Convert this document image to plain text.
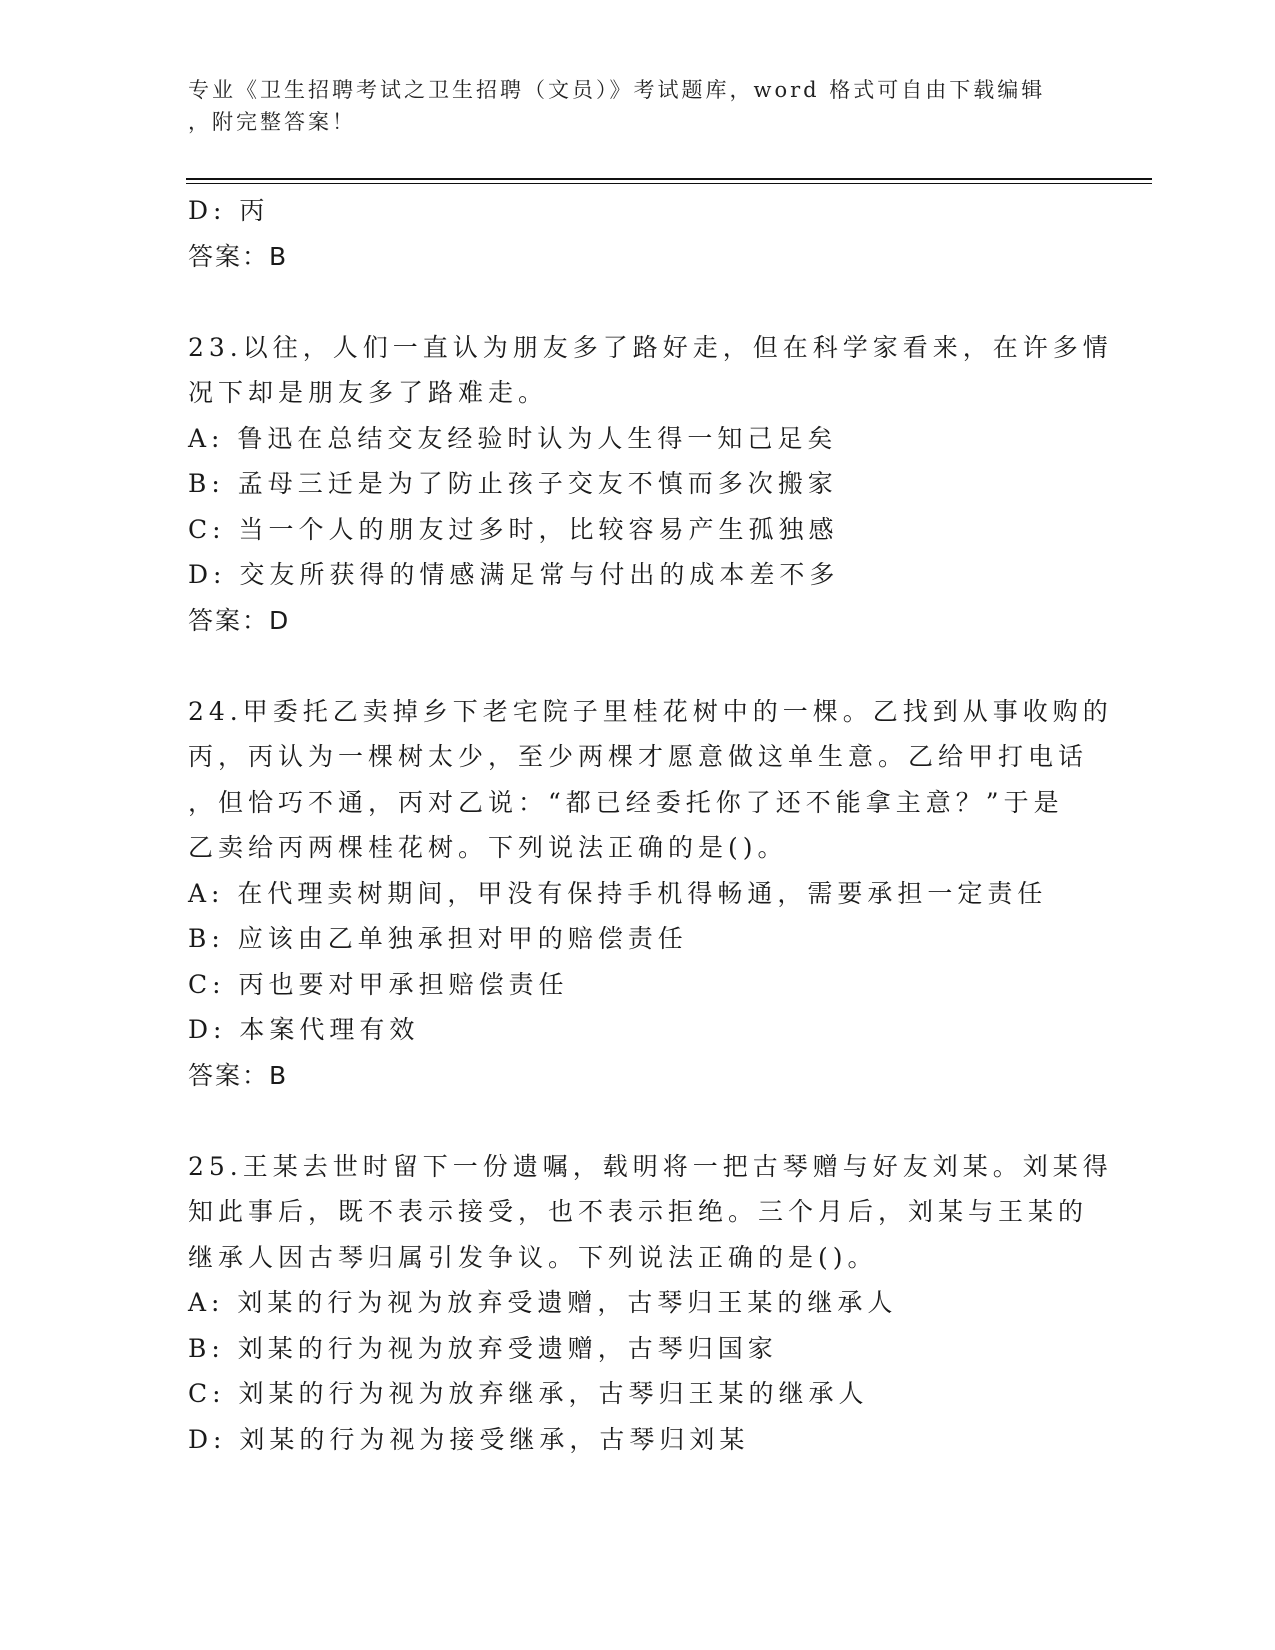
专业《卫生招聘考试之卫生招聘（文员）》考试题库，word 格式可自由下载编辑
，附完整答案！
D: 丙
答案：B
23.以往，人们一直认为朋友多了路好走，但在科学家看来，在许多情
况下却是朋友多了路难走。
A: 鲁迅在总结交友经验时认为人生得一知己足矣
B: 孟母三迁是为了防止孩子交友不慎而多次搬家
C: 当一个人的朋友过多时，比较容易产生孤独感
D: 交友所获得的情感满足常与付出的成本差不多
答案：D
24.甲委托乙卖掉乡下老宅院子里桂花树中的一棵。乙找到从事收购的
丙，丙认为一棵树太少，至少两棵才愿意做这单生意。乙给甲打电话
，但恰巧不通，丙对乙说：“都已经委托你了还不能拿主意？”于是
乙卖给丙两棵桂花树。下列说法正确的是()。
A: 在代理卖树期间，甲没有保持手机得畅通，需要承担一定责任
B: 应该由乙单独承担对甲的赔偿责任
C: 丙也要对甲承担赔偿责任
D: 本案代理有效
答案：B
25.王某去世时留下一份遗嘱，载明将一把古琴赠与好友刘某。刘某得
知此事后，既不表示接受，也不表示拒绝。三个月后，刘某与王某的
继承人因古琴归属引发争议。下列说法正确的是()。
A: 刘某的行为视为放弃受遗赠，古琴归王某的继承人
B: 刘某的行为视为放弃受遗赠，古琴归国家
C: 刘某的行为视为放弃继承，古琴归王某的继承人
D: 刘某的行为视为接受继承，古琴归刘某
